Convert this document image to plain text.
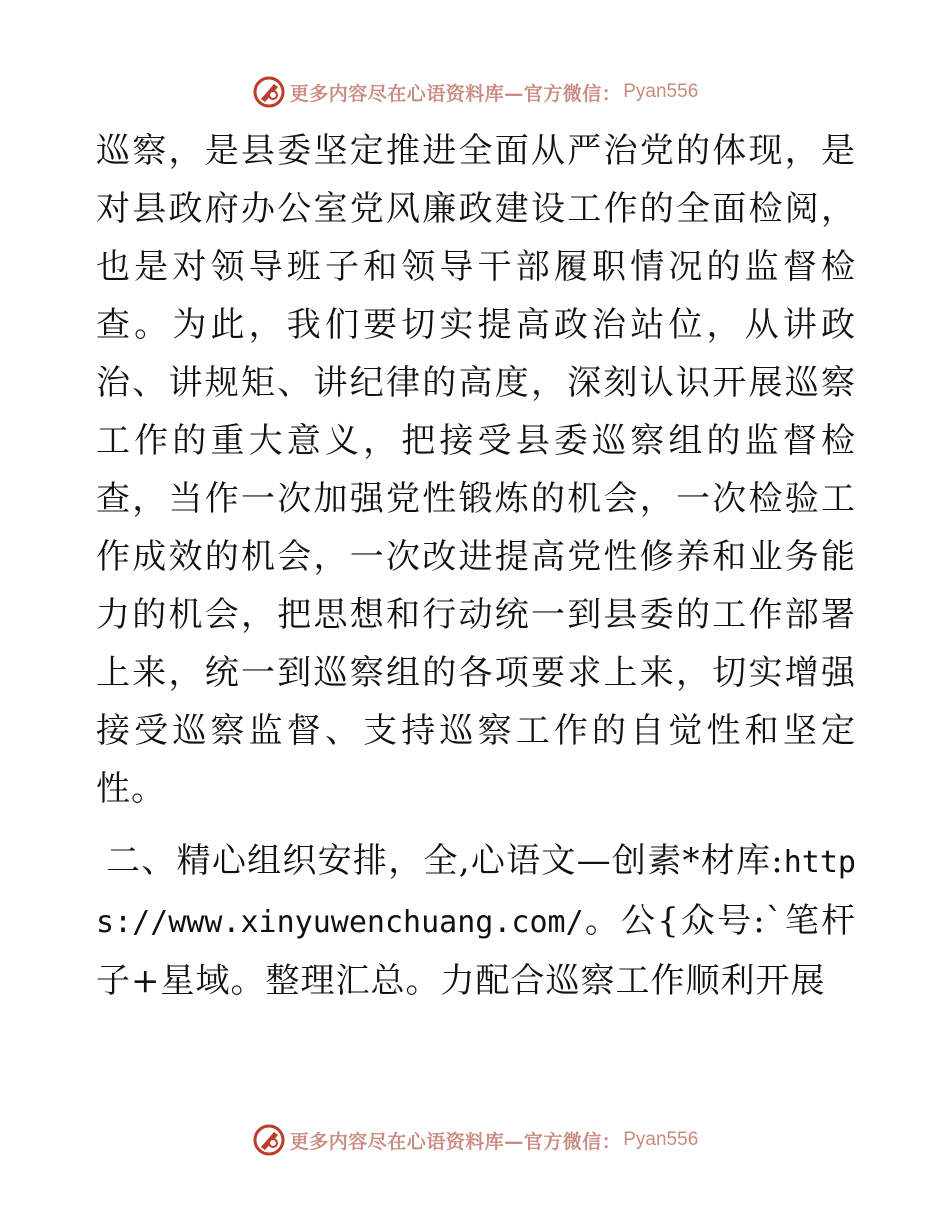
更多内容尽在心语资料库—官方微信： Pyan556

巡察，是县委坚定推进全面从严治党的体现，是对县政府办公室党风廉政建设工作的全面检阅，也是对领导班子和领导干部履职情况的监督检查。为此，我们要切实提高政治站位，从讲政治、讲规矩、讲纪律的高度，深刻认识开展巡察工作的重大意义，把接受县委巡察组的监督检查，当作一次加强党性锻炼的机会，一次检验工作成效的机会，一次改进提高党性修养和业务能力的机会，把思想和行动统一到县委的工作部署上来，统一到巡察组的各项要求上来，切实增强接受巡察监督、支持巡察工作的自觉性和坚定性。

二、精心组织安排，全,心语文—创素*材库:https://www.xinyuwenchuang.com/。公{众号:`笔杆子+星域。整理汇总。力配合巡察工作顺利开展

更多内容尽在心语资料库—官方微信： Pyan556
